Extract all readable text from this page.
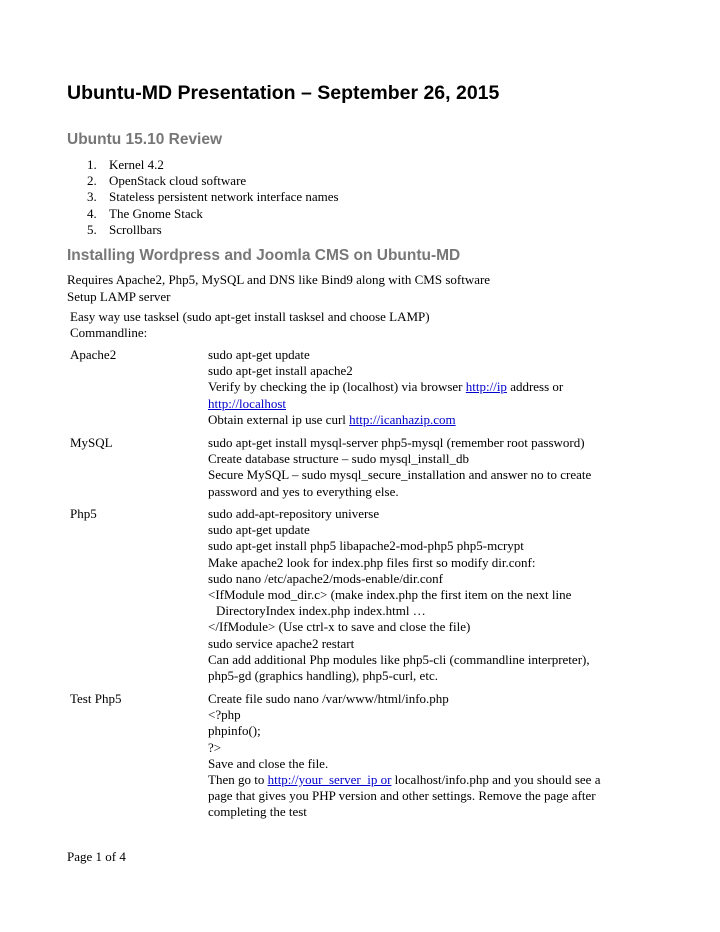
Ubuntu-MD Presentation – September 26, 2015
Ubuntu 15.10 Review
1. Kernel 4.2
2. OpenStack cloud software
3. Stateless persistent network interface names
4. The Gnome Stack
5. Scrollbars
Installing Wordpress and Joomla CMS on Ubuntu-MD

Requires Apache2, Php5, MySQL and DNS like Bind9 along with CMS software

Setup LAMP server

Easy way use tasksel (sudo apt-get install tasksel and choose LAMP)

Commandline:

Apache2	sudo apt-get update
sudo apt-get install apache2
Verify by checking the ip (localhost) via browser http://ip address or
http://localhost
Obtain external ip use curl http://icanhazip.com
MySQL	sudo apt-get install mysql-server php5-mysql (remember root password)
Create database structure – sudo mysql_install_db
Secure MySQL – sudo mysql_secure_installation and answer no to create
password and yes to everything else.
Php5	sudo add-apt-repository universe
sudo apt-get update
sudo apt-get install php5 libapache2-mod-php5 php5-mcrypt
Make apache2 look for index.php files first so modify dir.conf:
sudo nano /etc/apache2/mods-enable/dir.conf
<IfModule mod_dir.c> (make index.php the first item on the next line
DirectoryIndex index.php index.html …
</IfModule> (Use ctrl-x to save and close the file)
sudo service apache2 restart
Can add additional Php modules like php5-cli (commandline interpreter),
php5-gd (graphics handling), php5-curl, etc.
Test Php5	Create file sudo nano /var/www/html/info.php
<?php
phpinfo();
?>
Save and close the file.
Then go to http://your_server_ip or localhost/info.php and you should see a
page that gives you PHP version and other settings. Remove the page after
completing the test
Page 1 of 4
